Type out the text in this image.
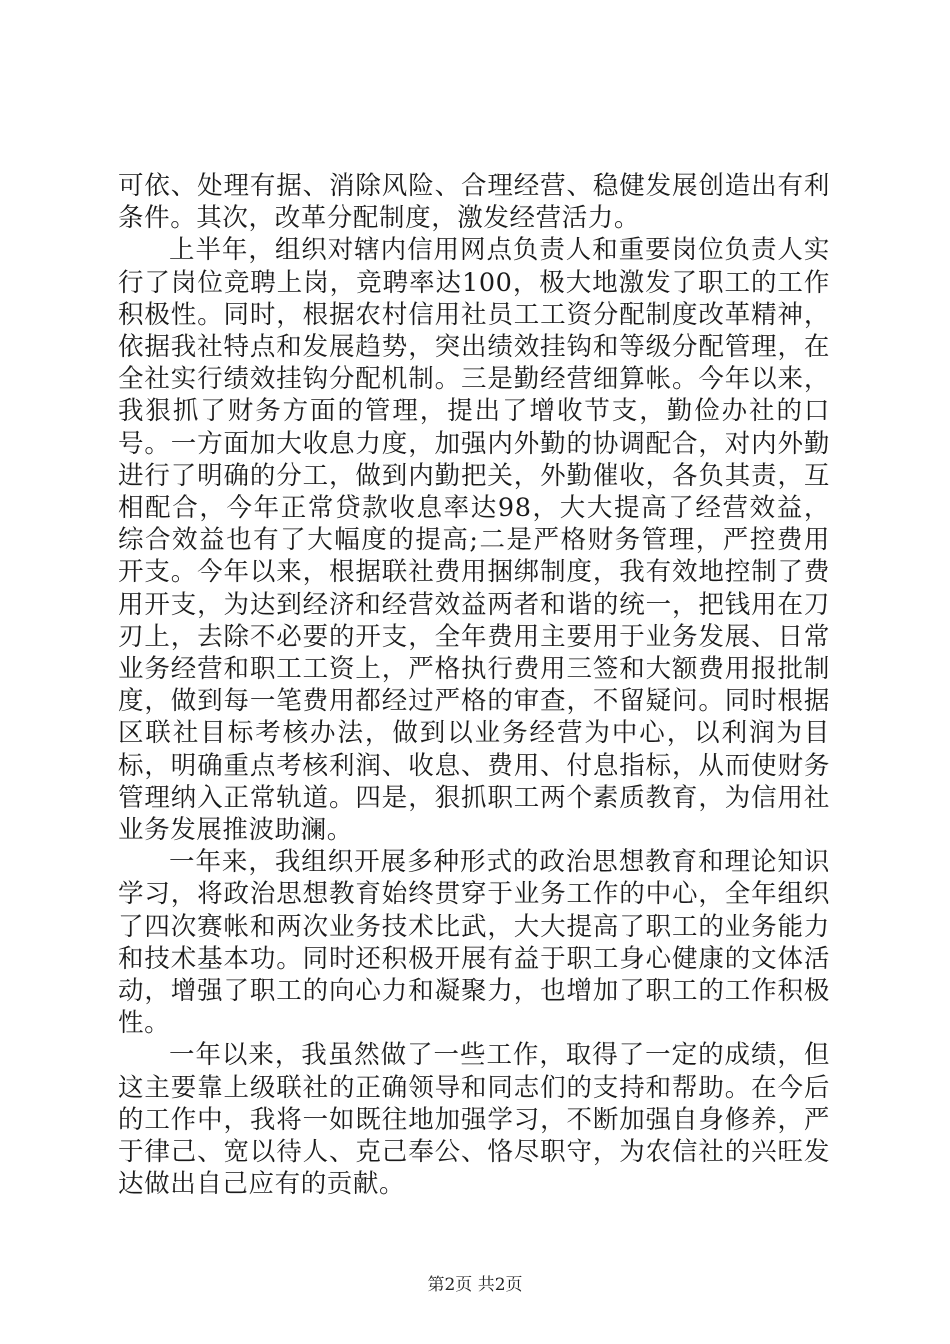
可依、处理有据、消除风险、合理经营、稳健发展创造出有利条件。其次，改革分配制度，激发经营活力。

上半年，组织对辖内信用网点负责人和重要岗位负责人实行了岗位竞聘上岗，竞聘率达100，极大地激发了职工的工作积极性。同时，根据农村信用社员工工资分配制度改革精神，依据我社特点和发展趋势，突出绩效挂钩和等级分配管理，在全社实行绩效挂钩分配机制。三是勤经营细算帐。今年以来，我狠抓了财务方面的管理，提出了增收节支，勤俭办社的口号。一方面加大收息力度，加强内外勤的协调配合，对内外勤进行了明确的分工，做到内勤把关，外勤催收，各负其责，互相配合，今年正常贷款收息率达98，大大提高了经营效益，综合效益也有了大幅度的提高;二是严格财务管理，严控费用开支。今年以来，根据联社费用捆绑制度，我有效地控制了费用开支，为达到经济和经营效益两者和谐的统一，把钱用在刀刃上，去除不必要的开支，全年费用主要用于业务发展、日常业务经营和职工工资上，严格执行费用三签和大额费用报批制度，做到每一笔费用都经过严格的审查，不留疑问。同时根据区联社目标考核办法，做到以业务经营为中心，以利润为目标，明确重点考核利润、收息、费用、付息指标，从而使财务管理纳入正常轨道。四是，狠抓职工两个素质教育，为信用社业务发展推波助澜。

一年来，我组织开展多种形式的政治思想教育和理论知识学习，将政治思想教育始终贯穿于业务工作的中心，全年组织了四次赛帐和两次业务技术比武，大大提高了职工的业务能力和技术基本功。同时还积极开展有益于职工身心健康的文体活动，增强了职工的向心力和凝聚力，也增加了职工的工作积极性。

一年以来，我虽然做了一些工作，取得了一定的成绩，但这主要靠上级联社的正确领导和同志们的支持和帮助。在今后的工作中，我将一如既往地加强学习，不断加强自身修养，严于律己、宽以待人、克己奉公、恪尽职守，为农信社的兴旺发达做出自己应有的贡献。

第2页 共2页
